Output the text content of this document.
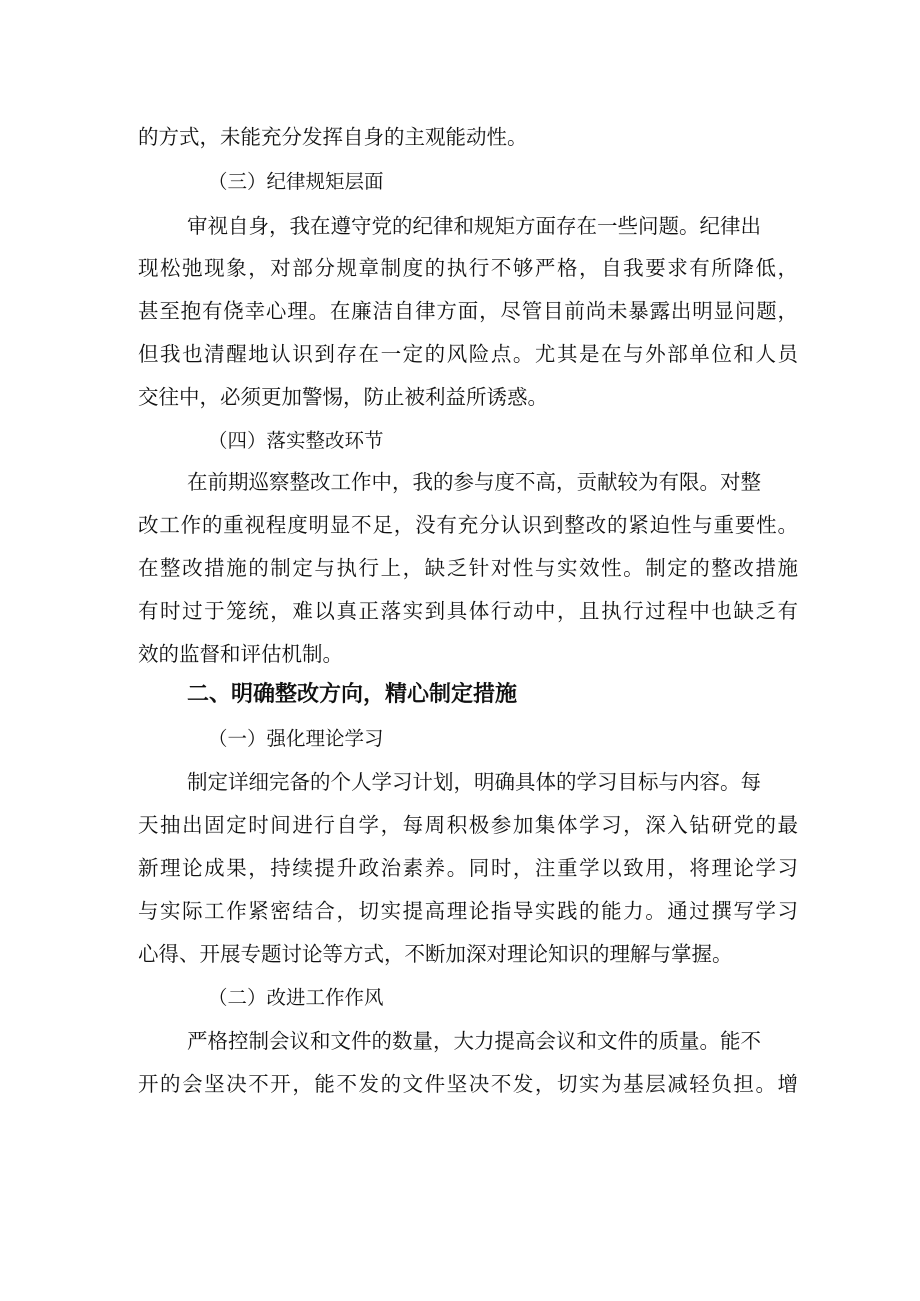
的方式，未能充分发挥自身的主观能动性。
（三）纪律规矩层面
审视自身，我在遵守党的纪律和规矩方面存在一些问题。纪律出
现松弛现象，对部分规章制度的执行不够严格，自我要求有所降低，
甚至抱有侥幸心理。在廉洁自律方面，尽管目前尚未暴露出明显问题，
但我也清醒地认识到存在一定的风险点。尤其是在与外部单位和人员
交往中，必须更加警惕，防止被利益所诱惑。
（四）落实整改环节
在前期巡察整改工作中，我的参与度不高，贡献较为有限。对整
改工作的重视程度明显不足，没有充分认识到整改的紧迫性与重要性。
在整改措施的制定与执行上，缺乏针对性与实效性。制定的整改措施
有时过于笼统，难以真正落实到具体行动中，且执行过程中也缺乏有
效的监督和评估机制。
二、明确整改方向，精心制定措施
（一）强化理论学习
制定详细完备的个人学习计划，明确具体的学习目标与内容。每
天抽出固定时间进行自学，每周积极参加集体学习，深入钻研党的最
新理论成果，持续提升政治素养。同时，注重学以致用，将理论学习
与实际工作紧密结合，切实提高理论指导实践的能力。通过撰写学习
心得、开展专题讨论等方式，不断加深对理论知识的理解与掌握。
（二）改进工作作风
严格控制会议和文件的数量，大力提高会议和文件的质量。能不
开的会坚决不开，能不发的文件坚决不发，切实为基层减轻负担。增
